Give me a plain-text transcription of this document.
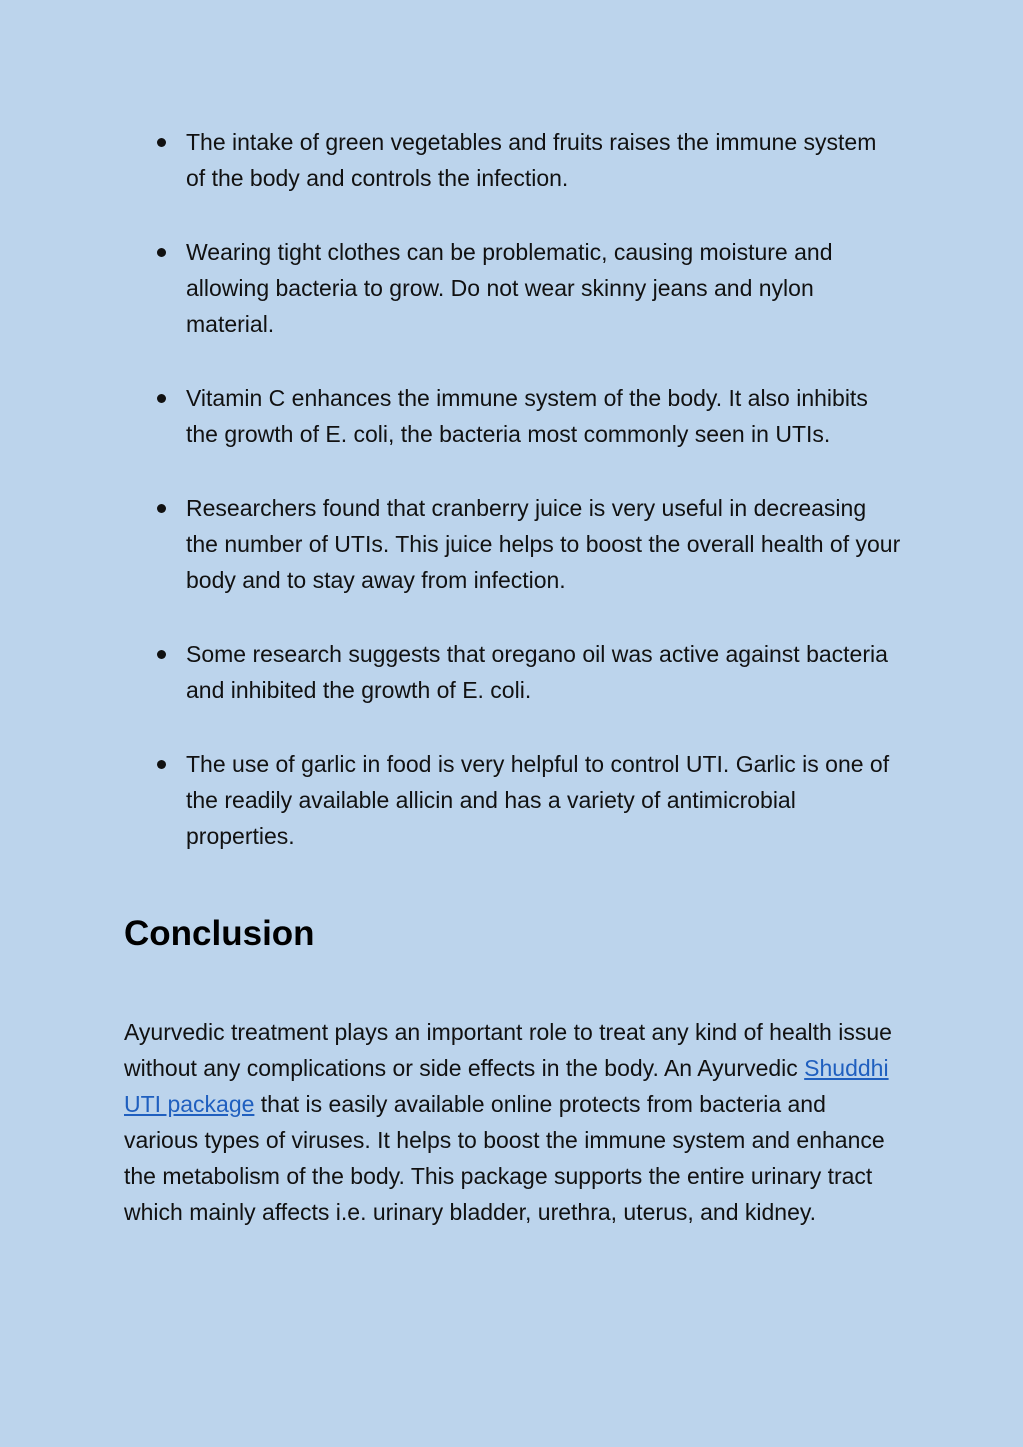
The intake of green vegetables and fruits raises the immune system of the body and controls the infection.
Wearing tight clothes can be problematic, causing moisture and allowing bacteria to grow. Do not wear skinny jeans and nylon material.
Vitamin C enhances the immune system of the body. It also inhibits the growth of E. coli, the bacteria most commonly seen in UTIs.
Researchers found that cranberry juice is very useful in decreasing the number of UTIs. This juice helps to boost the overall health of your body and to stay away from infection.
Some research suggests that oregano oil was active against bacteria and inhibited the growth of E. coli.
The use of garlic in food is very helpful to control UTI. Garlic is one of the readily available allicin and has a variety of antimicrobial properties.
Conclusion

Ayurvedic treatment plays an important role to treat any kind of health issue without any complications or side effects in the body. An Ayurvedic Shuddhi UTI package that is easily available online protects from bacteria and various types of viruses. It helps to boost the immune system and enhance the metabolism of the body. This package supports the entire urinary tract which mainly affects i.e. urinary bladder, urethra, uterus, and kidney.
